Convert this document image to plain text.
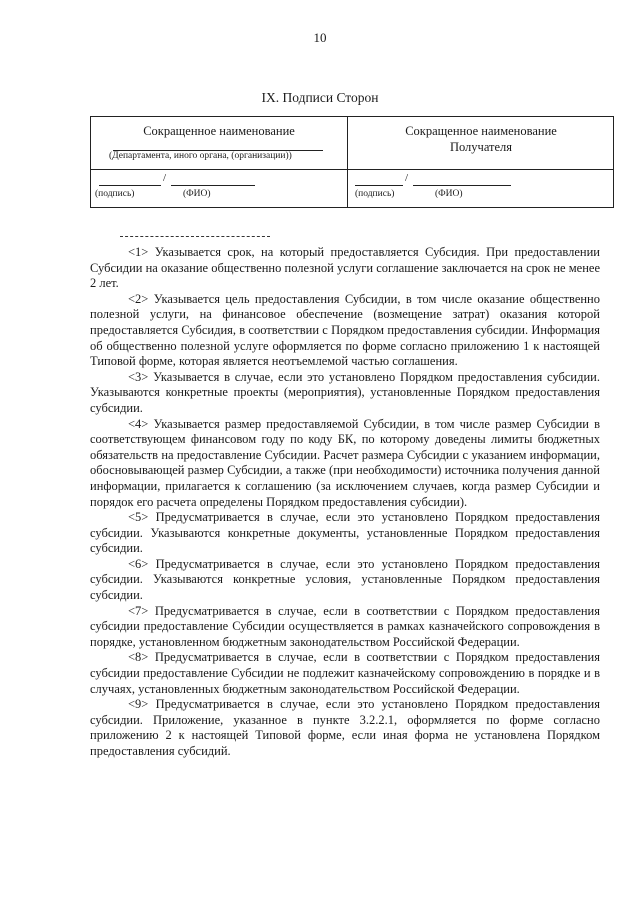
10
IX. Подписи Сторон
Сокращенное наименование
(Департамента, иного органа, (организации))
Сокращенное наименование
Получателя
/
(подпись)	(ФИО)
/
(подпись)	(ФИО)

<1> Указывается срок, на который предоставляется Субсидия. При предоставлении Субсидии на оказание общественно полезной услуги соглашение заключается на срок не менее 2 лет.

<2> Указывается цель предоставления Субсидии, в том числе оказание общественно полезной услуги, на финансовое обеспечение (возмещение затрат) оказания которой предоставляется Субсидия, в соответствии с Порядком предоставления субсидии. Информация об общественно полезной услуге оформляется по форме согласно приложению 1 к настоящей Типовой форме, которая является неотъемлемой частью соглашения.

<3> Указывается в случае, если это установлено Порядком предоставления субсидии. Указываются конкретные проекты (мероприятия), установленные Порядком предоставления субсидии.

<4> Указывается размер предоставляемой Субсидии, в том числе размер Субсидии в соответствующем финансовом году по коду БК, по которому доведены лимиты бюджетных обязательств на предоставление Субсидии. Расчет размера Субсидии с указанием информации, обосновывающей размер Субсидии, а также (при необходимости) источника получения данной информации, прилагается к соглашению (за исключением случаев, когда размер Субсидии и порядок его расчета определены Порядком предоставления субсидии).

<5> Предусматривается в случае, если это установлено Порядком предоставления субсидии. Указываются конкретные документы, установленные Порядком предоставления субсидии.

<6> Предусматривается в случае, если это установлено Порядком предоставления субсидии. Указываются конкретные условия, установленные Порядком предоставления субсидии.

<7> Предусматривается в случае, если в соответствии с Порядком предоставления субсидии предоставление Субсидии осуществляется в рамках казначейского сопровождения в порядке, установленном бюджетным законодательством Российской Федерации.

<8> Предусматривается в случае, если в соответствии с Порядком предоставления субсидии предоставление Субсидии не подлежит казначейскому сопровождению в порядке и в случаях, установленных бюджетным законодательством Российской Федерации.

<9> Предусматривается в случае, если это установлено Порядком предоставления субсидии. Приложение, указанное в пункте 3.2.2.1, оформляется по форме согласно приложению 2 к настоящей Типовой форме, если иная форма не установлена Порядком предоставления субсидий.
